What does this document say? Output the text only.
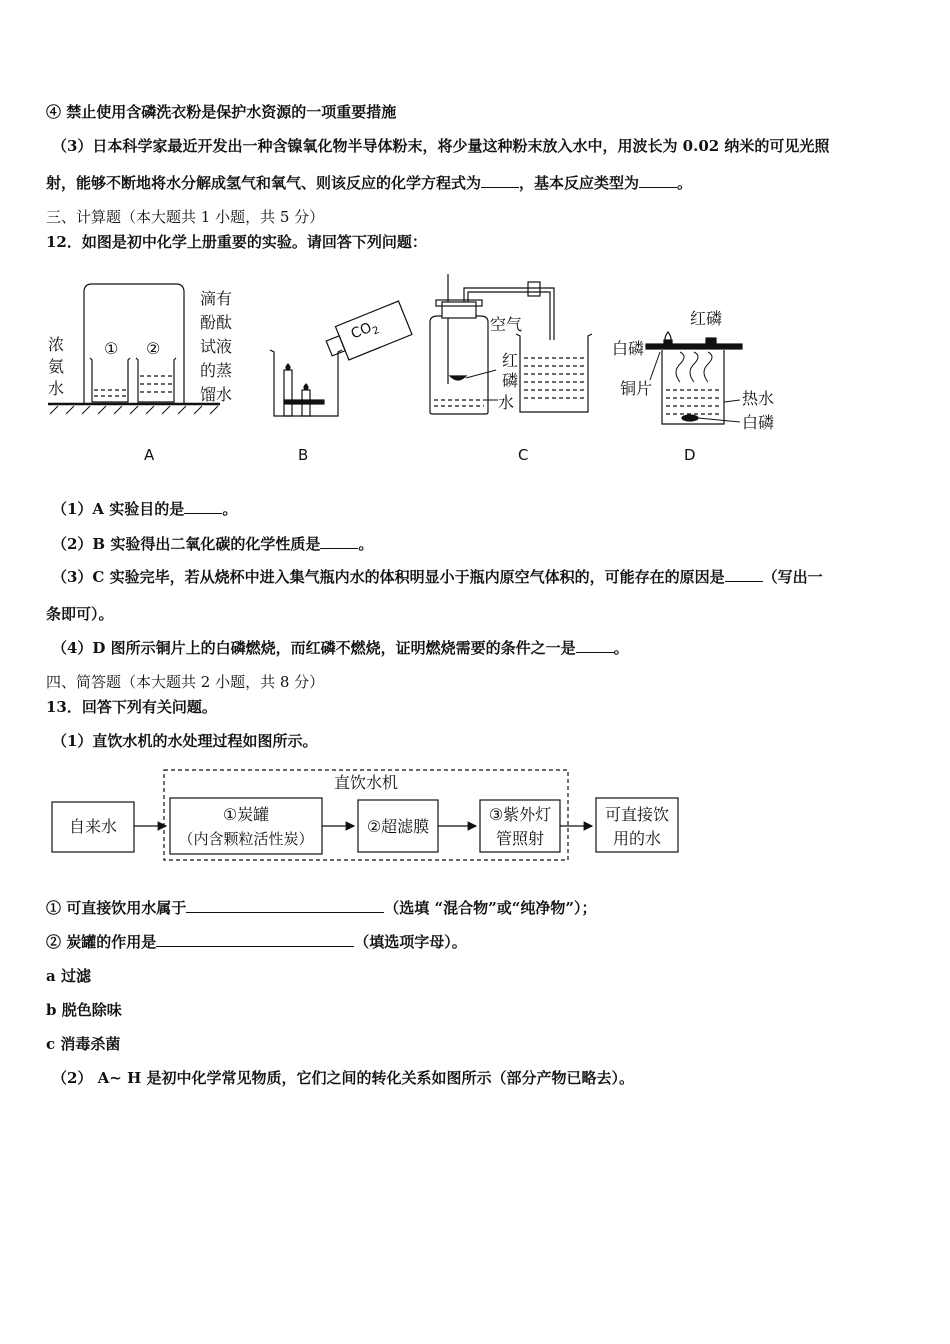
④ 禁止使用含磷洗衣粉是保护水资源的一项重要措施
（3）日本科学家最近开发出一种含镍氧化物半导体粉末，将少量这种粉末放入水中，用波长为 0.02 纳米的可见光照
射，能够不断地将水分解成氢气和氧气、则该反应的化学方程式为	，基本反应类型为	。
三、计算题（本大题共 1 小题，共 5 分）
12．如图是初中化学上册重要的实验。请回答下列问题：
浓
氨
水
滴有
酚酞
试液
的蒸
馏水
① ②
$CO_2$	空气
红
磷
水
红磷
白磷
铜片
热水
白磷
A	B	C	D
（1）A 实验目的是	。
（2）B 实验得出二氧化碳的化学性质是	。
（3）C 实验完毕，若从烧杯中进入集气瓶内水的体积明显小于瓶内原空气体积的，可能存在的原因是	（写出一
条即可）。
（4）D 图所示铜片上的白磷燃烧，而红磷不燃烧，证明燃烧需要的条件之一是	。
四、简答题（本大题共 2 小题，共 8 分）
13．回答下列有关问题。
（1）直饮水机的水处理过程如图所示。
直饮水机
自来水
①炭罐
（内含颗粒活性炭）
②超滤膜
③紫外灯
管照射
可直接饮
用的水
① 可直接饮用水属于	（选填 “混合物”或“纯净物”）；
② 炭罐的作用是	（填选项字母）。
a 过滤
b 脱色除味
c 消毒杀菌
（2） A~ H 是初中化学常见物质，它们之间的转化关系如图所示（部分产物已略去）。
